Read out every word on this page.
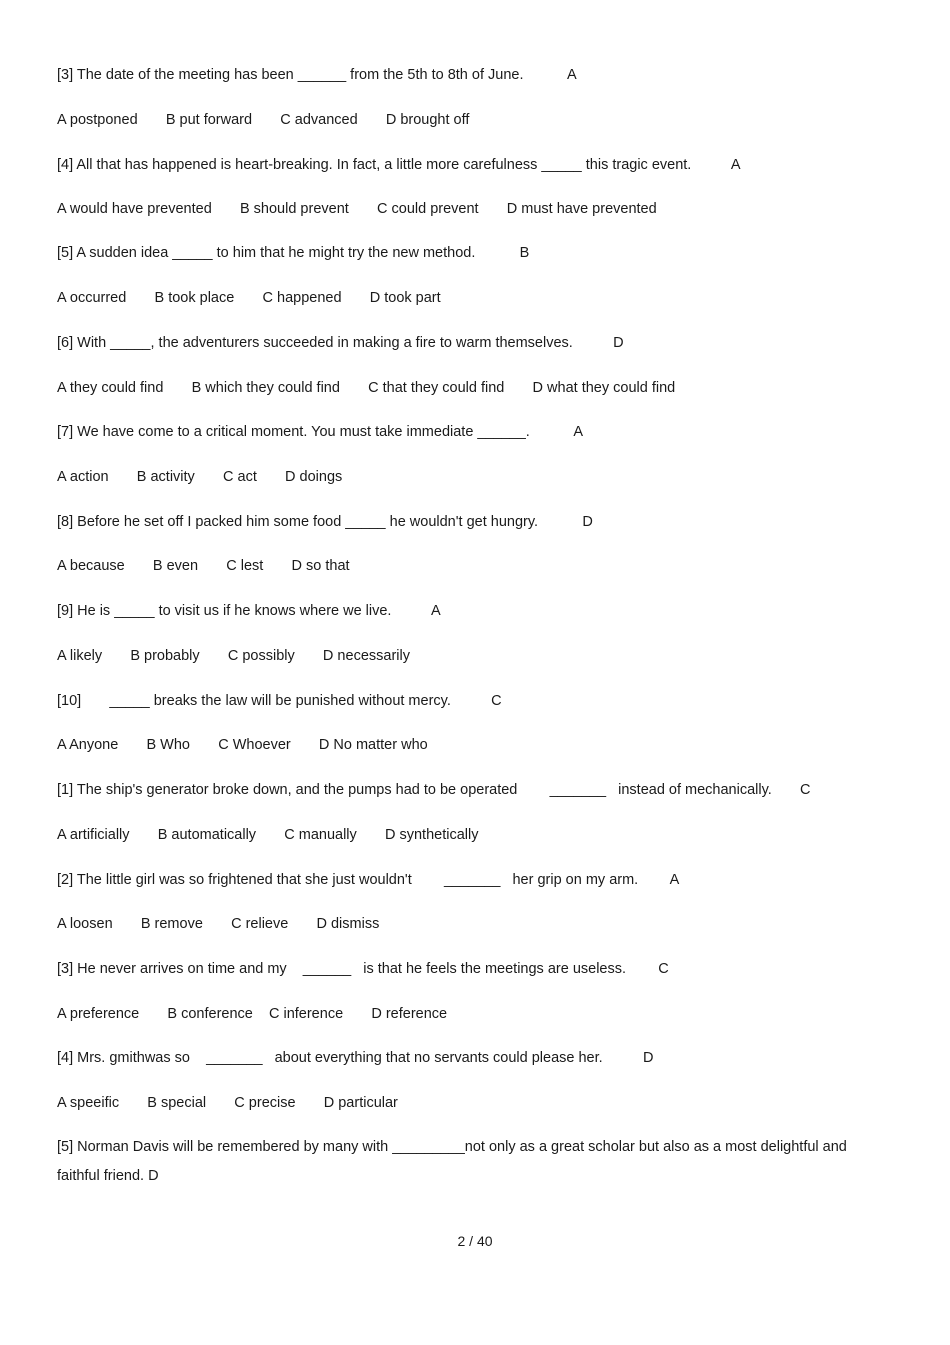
[3] The date of the meeting has been ______ from the 5th to 8th of June.           A
A postponed       B put forward       C advanced       D brought off
[4] All that has happened is heart-breaking. In fact, a little more carefulness _____ this tragic event.          A
A would have prevented       B should prevent       C could prevent       D must have prevented
[5] A sudden idea _____ to him that he might try the new method.           B
A occurred       B took place       C happened       D took part
[6] With _____, the adventurers succeeded in making a fire to warm themselves.          D
A they could find       B which they could find       C that they could find       D what they could find
[7] We have come to a critical moment. You must take immediate ______.           A
A action       B activity       C act       D doings
[8] Before he set off I packed him some food _____ he wouldn't get hungry.           D
A because       B even       C lest       D so that
[9] He is _____ to visit us if he knows where we live.          A
A likely       B probably       C possibly       D necessarily
[10]       _____ breaks the law will be punished without mercy.          C
A Anyone       B Who       C Whoever       D No matter who
[1] The ship's generator broke down, and the pumps had to be operated        _______   instead of mechanically.       C
A artificially       B automatically       C manually       D synthetically
[2] The little girl was so frightened that she just wouldn't        _______   her grip on my arm.        A
A loosen       B remove       C relieve       D dismiss
[3] He never arrives on time and my    ______   is that he feels the meetings are useless.        C
A preference       B conference    C inference       D reference
[4] Mrs. gmithwas so    _______   about everything that no servants could please her.          D
A speeific       B special       C precise       D particular
[5] Norman Davis will be remembered by many with _________not only as a great scholar but also as a most delightful and faithful friend. D
2 / 40
